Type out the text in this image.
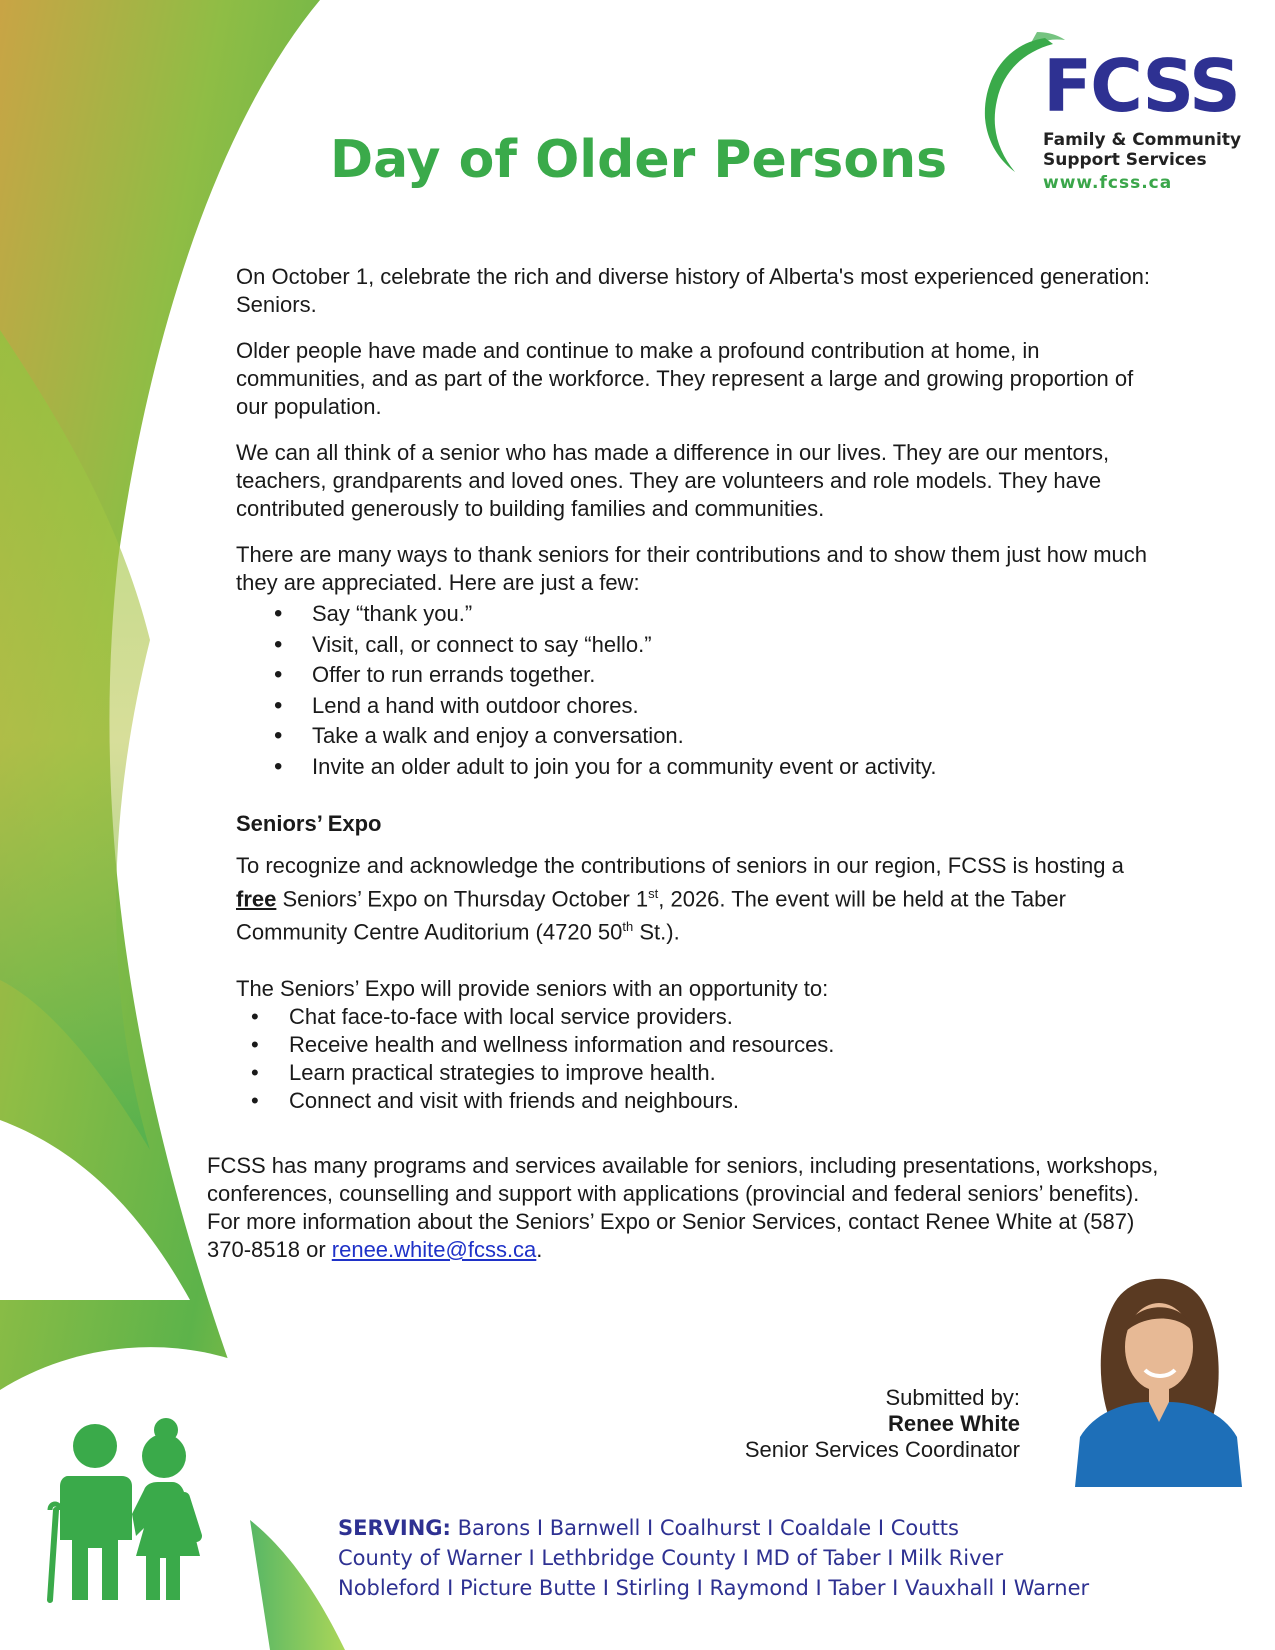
FCSS
Family & Community
Support Services
www.fcss.ca
Day of Older Persons

On October 1, celebrate the rich and diverse history of Alberta's most experienced generation: Seniors.

Older people have made and continue to make a profound contribution at home, in communities, and as part of the workforce. They represent a large and growing proportion of our population.

We can all think of a senior who has made a difference in our lives. They are our mentors, teachers, grandparents and loved ones. They are volunteers and role models. They have contributed generously to building families and communities.

There are many ways to thank seniors for their contributions and to show them just how much they are appreciated. Here are just a few:

• Say “thank you.”
• Visit, call, or connect to say “hello.”
• Offer to run errands together.
• Lend a hand with outdoor chores.
• Take a walk and enjoy a conversation.
• Invite an older adult to join you for a community event or activity.

Seniors’ Expo

To recognize and acknowledge the contributions of seniors in our region, FCSS is hosting a free Seniors’ Expo on Thursday October 1st, 2026. The event will be held at the Taber Community Centre Auditorium (4720 50th St.).

The Seniors’ Expo will provide seniors with an opportunity to:

• Chat face-to-face with local service providers.
• Receive health and wellness information and resources.
• Learn practical strategies to improve health.
• Connect and visit with friends and neighbours.

FCSS has many programs and services available for seniors, including presentations, workshops, conferences, counselling and support with applications (provincial and federal seniors’ benefits). For more information about the Seniors’ Expo or Senior Services, contact Renee White at (587) 370-8518 or renee.white@fcss.ca.

Submitted by:
Renee White
Senior Services Coordinator
SERVING: Barons I Barnwell I Coalhurst I Coaldale I Coutts
County of Warner I Lethbridge County I MD of Taber I Milk River
Nobleford I Picture Butte I Stirling I Raymond I Taber I Vauxhall I Warner
